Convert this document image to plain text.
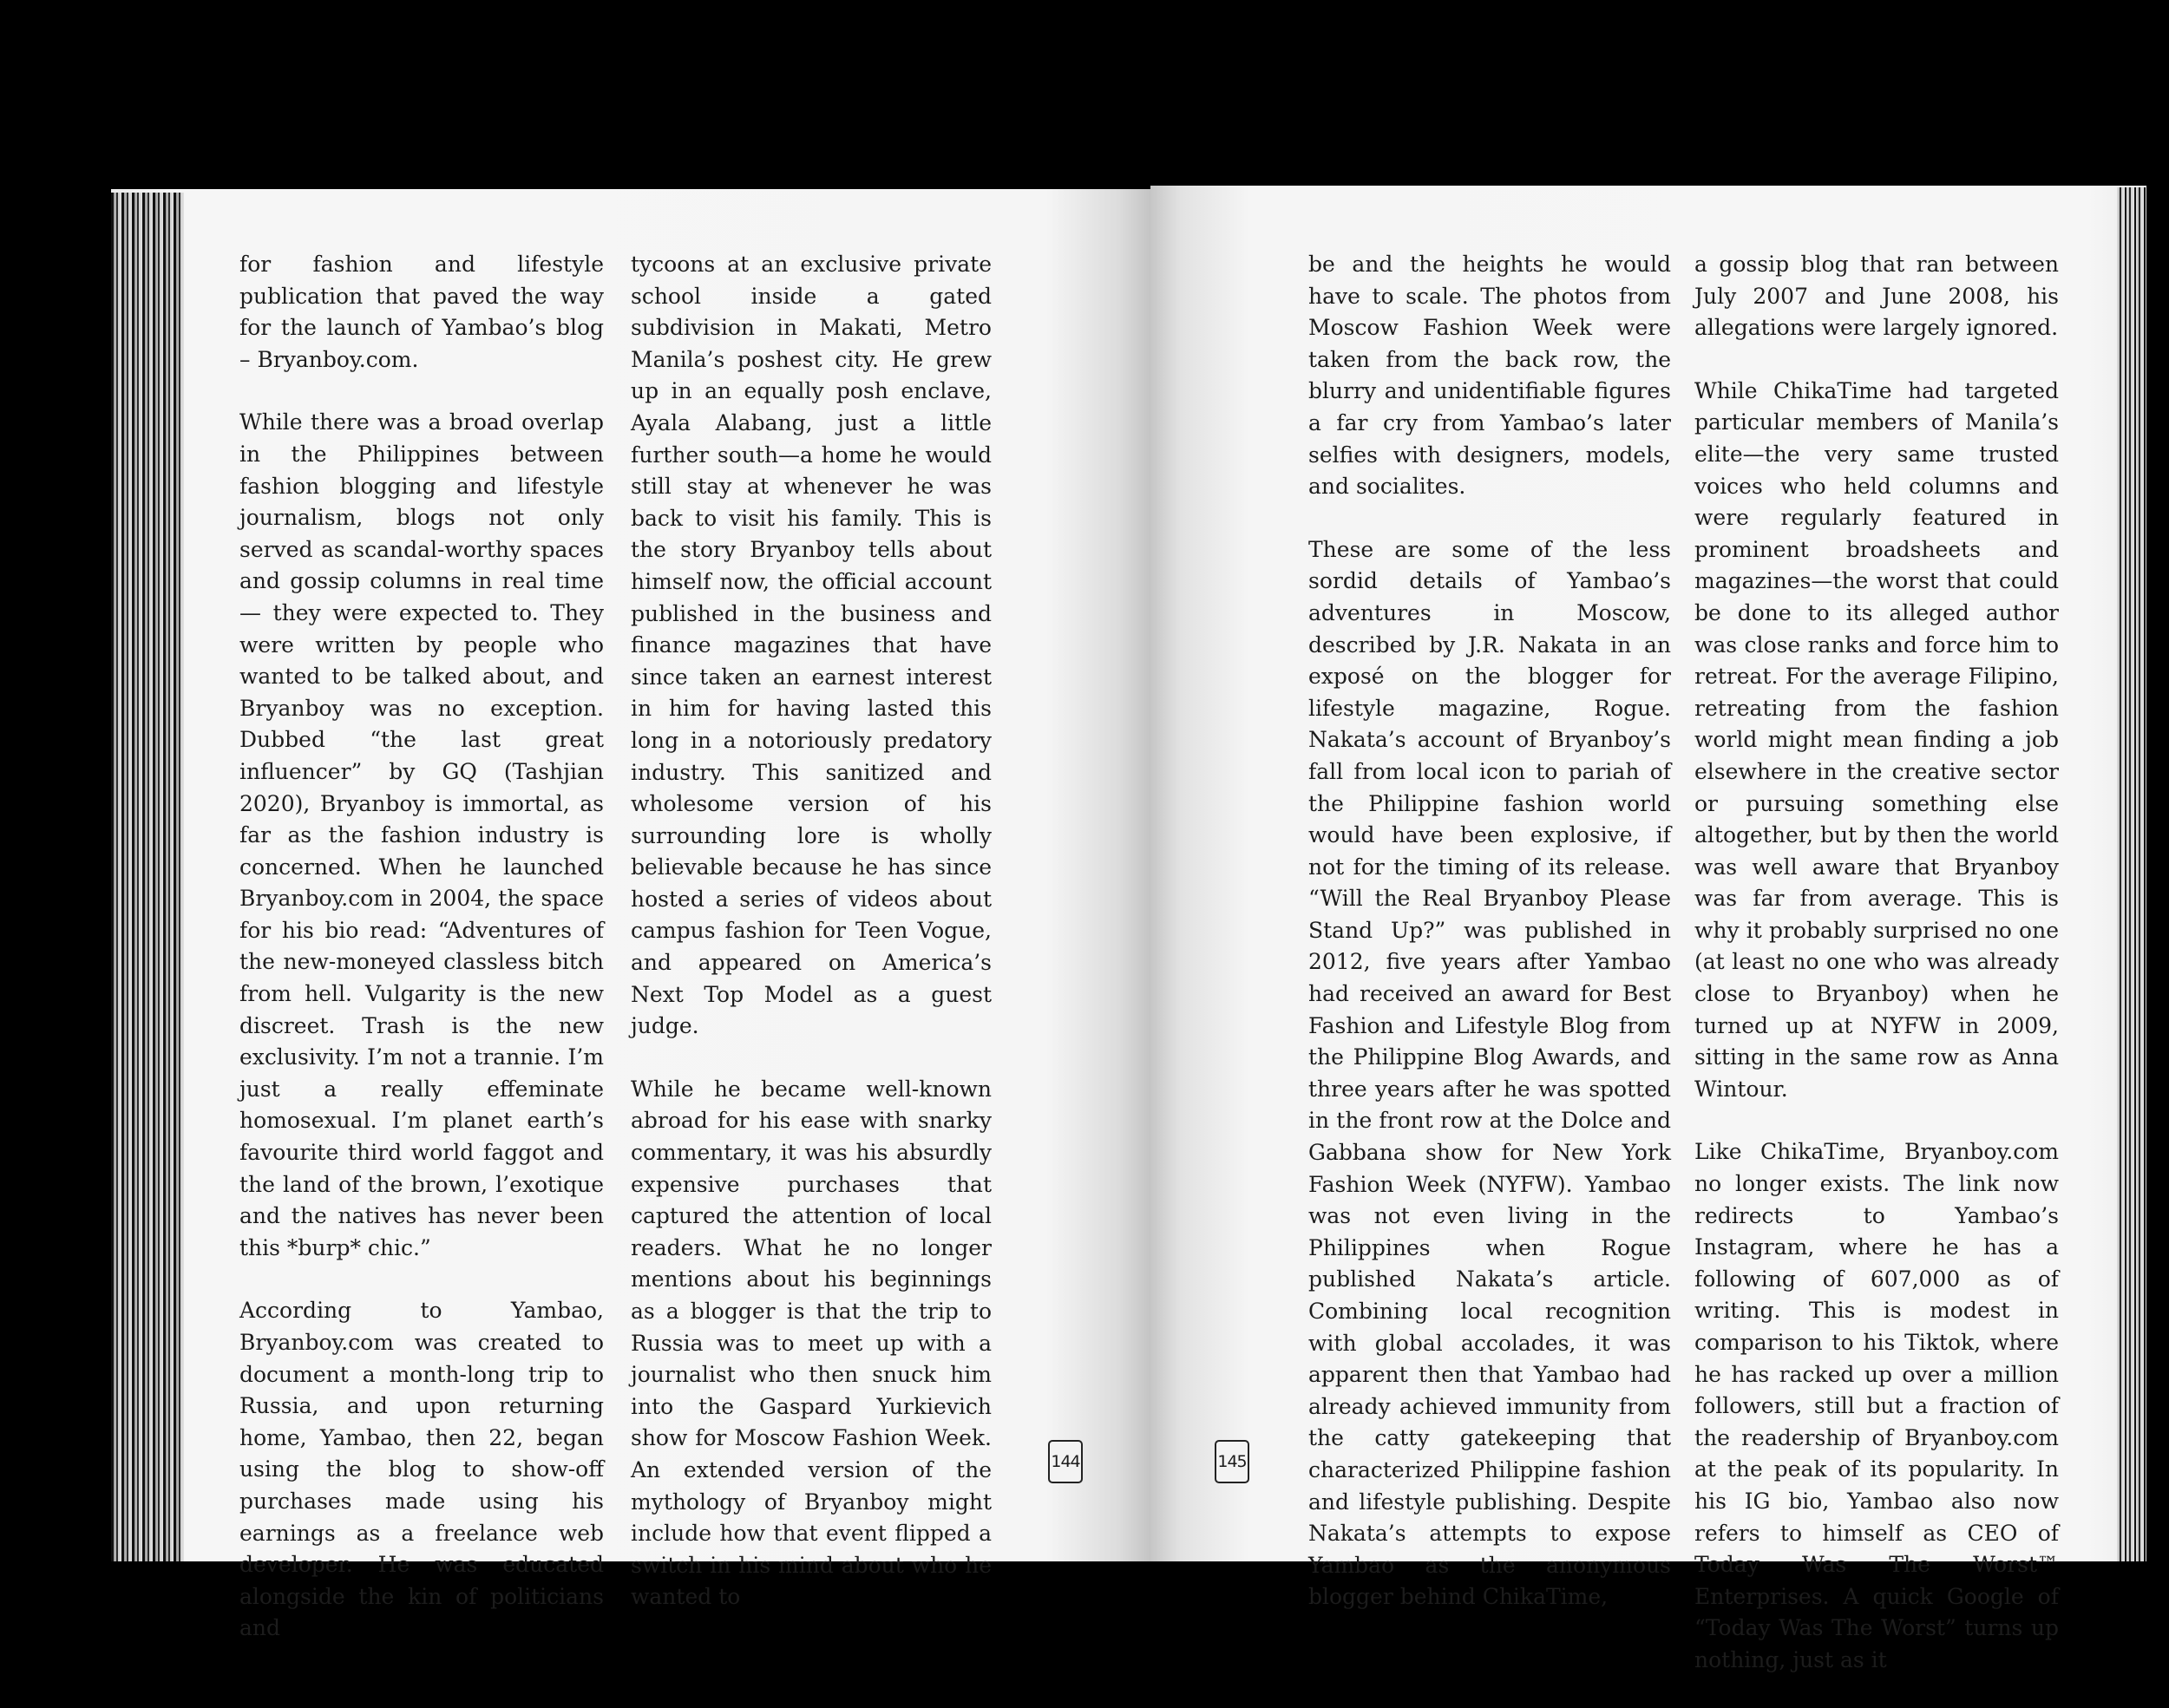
for fashion and lifestyle publication that paved the way for the launch of Yambao’s blog – Bryanboy.com.

While there was a broad overlap in the Philippines between fashion blogging and lifestyle journalism, blogs not only served as scandal-worthy spaces and gossip columns in real time— they were expected to. They were written by people who wanted to be talked about, and Bryanboy was no exception. Dubbed “the last great influencer” by GQ (Tashjian 2020), Bryanboy is immortal, as far as the fashion industry is concerned. When he launched Bryanboy.com in 2004, the space for his bio read: “Adventures of the new-moneyed classless bitch from hell. Vulgarity is the new discreet. Trash is the new exclusivity. I’m not a trannie. I’m just a really effeminate homosexual. I’m planet earth’s favourite third world faggot and the land of the brown, l’exotique and the natives has never been this *burp* chic.”

According to Yambao, Bryanboy.com was created to document a month-long trip to Russia, and upon returning home, Yambao, then 22, began using the blog to show-off purchases made using his earnings as a freelance web developer. He was educated alongside the kin of politicians and

tycoons at an exclusive private school inside a gated subdivision in Makati, Metro Manila’s poshest city. He grew up in an equally posh enclave, Ayala Alabang, just a little further south—a home he would still stay at whenever he was back to visit his family. This is the story Bryanboy tells about himself now, the official account published in the business and finance magazines that have since taken an earnest interest in him for having lasted this long in a notoriously predatory industry. This sanitized and wholesome version of his surrounding lore is wholly believable because he has since hosted a series of videos about campus fashion for Teen Vogue, and appeared on America’s Next Top Model as a guest judge.

While he became well-known abroad for his ease with snarky commentary, it was his absurdly expensive purchases that captured the attention of local readers. What he no longer mentions about his beginnings as a blogger is that the trip to Russia was to meet up with a journalist who then snuck him into the Gaspard Yurkievich show for Moscow Fashion Week. An extended version of the mythology of Bryanboy might include how that event flipped a switch in his mind about who he wanted to

be and the heights he would have to scale. The photos from Moscow Fashion Week were taken from the back row, the blurry and unidentifiable figures a far cry from Yambao’s later selfies with designers, models, and socialites.

These are some of the less sordid details of Yambao’s adventures in Moscow, described by J.R. Nakata in an exposé on the blogger for lifestyle magazine, Rogue. Nakata’s account of Bryanboy’s fall from local icon to pariah of the Philippine fashion world would have been explosive, if not for the timing of its release. “Will the Real Bryanboy Please Stand Up?” was published in 2012, five years after Yambao had received an award for Best Fashion and Lifestyle Blog from the Philippine Blog Awards, and three years after he was spotted in the front row at the Dolce and Gabbana show for New York Fashion Week (NYFW). Yambao was not even living in the Philippines when Rogue published Nakata’s article. Combining local recognition with global accolades, it was apparent then that Yambao had already achieved immunity from the catty gatekeeping that characterized Philippine fashion and lifestyle publishing. Despite Nakata’s attempts to expose Yambao as the anonymous blogger behind ChikaTime,

a gossip blog that ran between July 2007 and June 2008, his allegations were largely ignored.

While ChikaTime had targeted particular members of Manila’s elite—the very same trusted voices who held columns and were regularly featured in prominent broadsheets and magazines—the worst that could be done to its alleged author was close ranks and force him to retreat. For the average Filipino, retreating from the fashion world might mean finding a job elsewhere in the creative sector or pursuing something else altogether, but by then the world was well aware that Bryanboy was far from average. This is why it probably surprised no one (at least no one who was already close to Bryanboy) when he turned up at NYFW in 2009, sitting in the same row as Anna Wintour.

Like ChikaTime, Bryanboy.com no longer exists. The link now redirects to Yambao’s Instagram, where he has a following of 607,000 as of writing. This is modest in comparison to his Tiktok, where he has racked up over a million followers, still but a fraction of the readership of Bryanboy.com at the peak of its popularity. In his IG bio, Yambao also now refers to himself as CEO of Today Was The Worst™ Enterprises. A quick Google of “Today Was The Worst” turns up nothing, just as it

144	145
